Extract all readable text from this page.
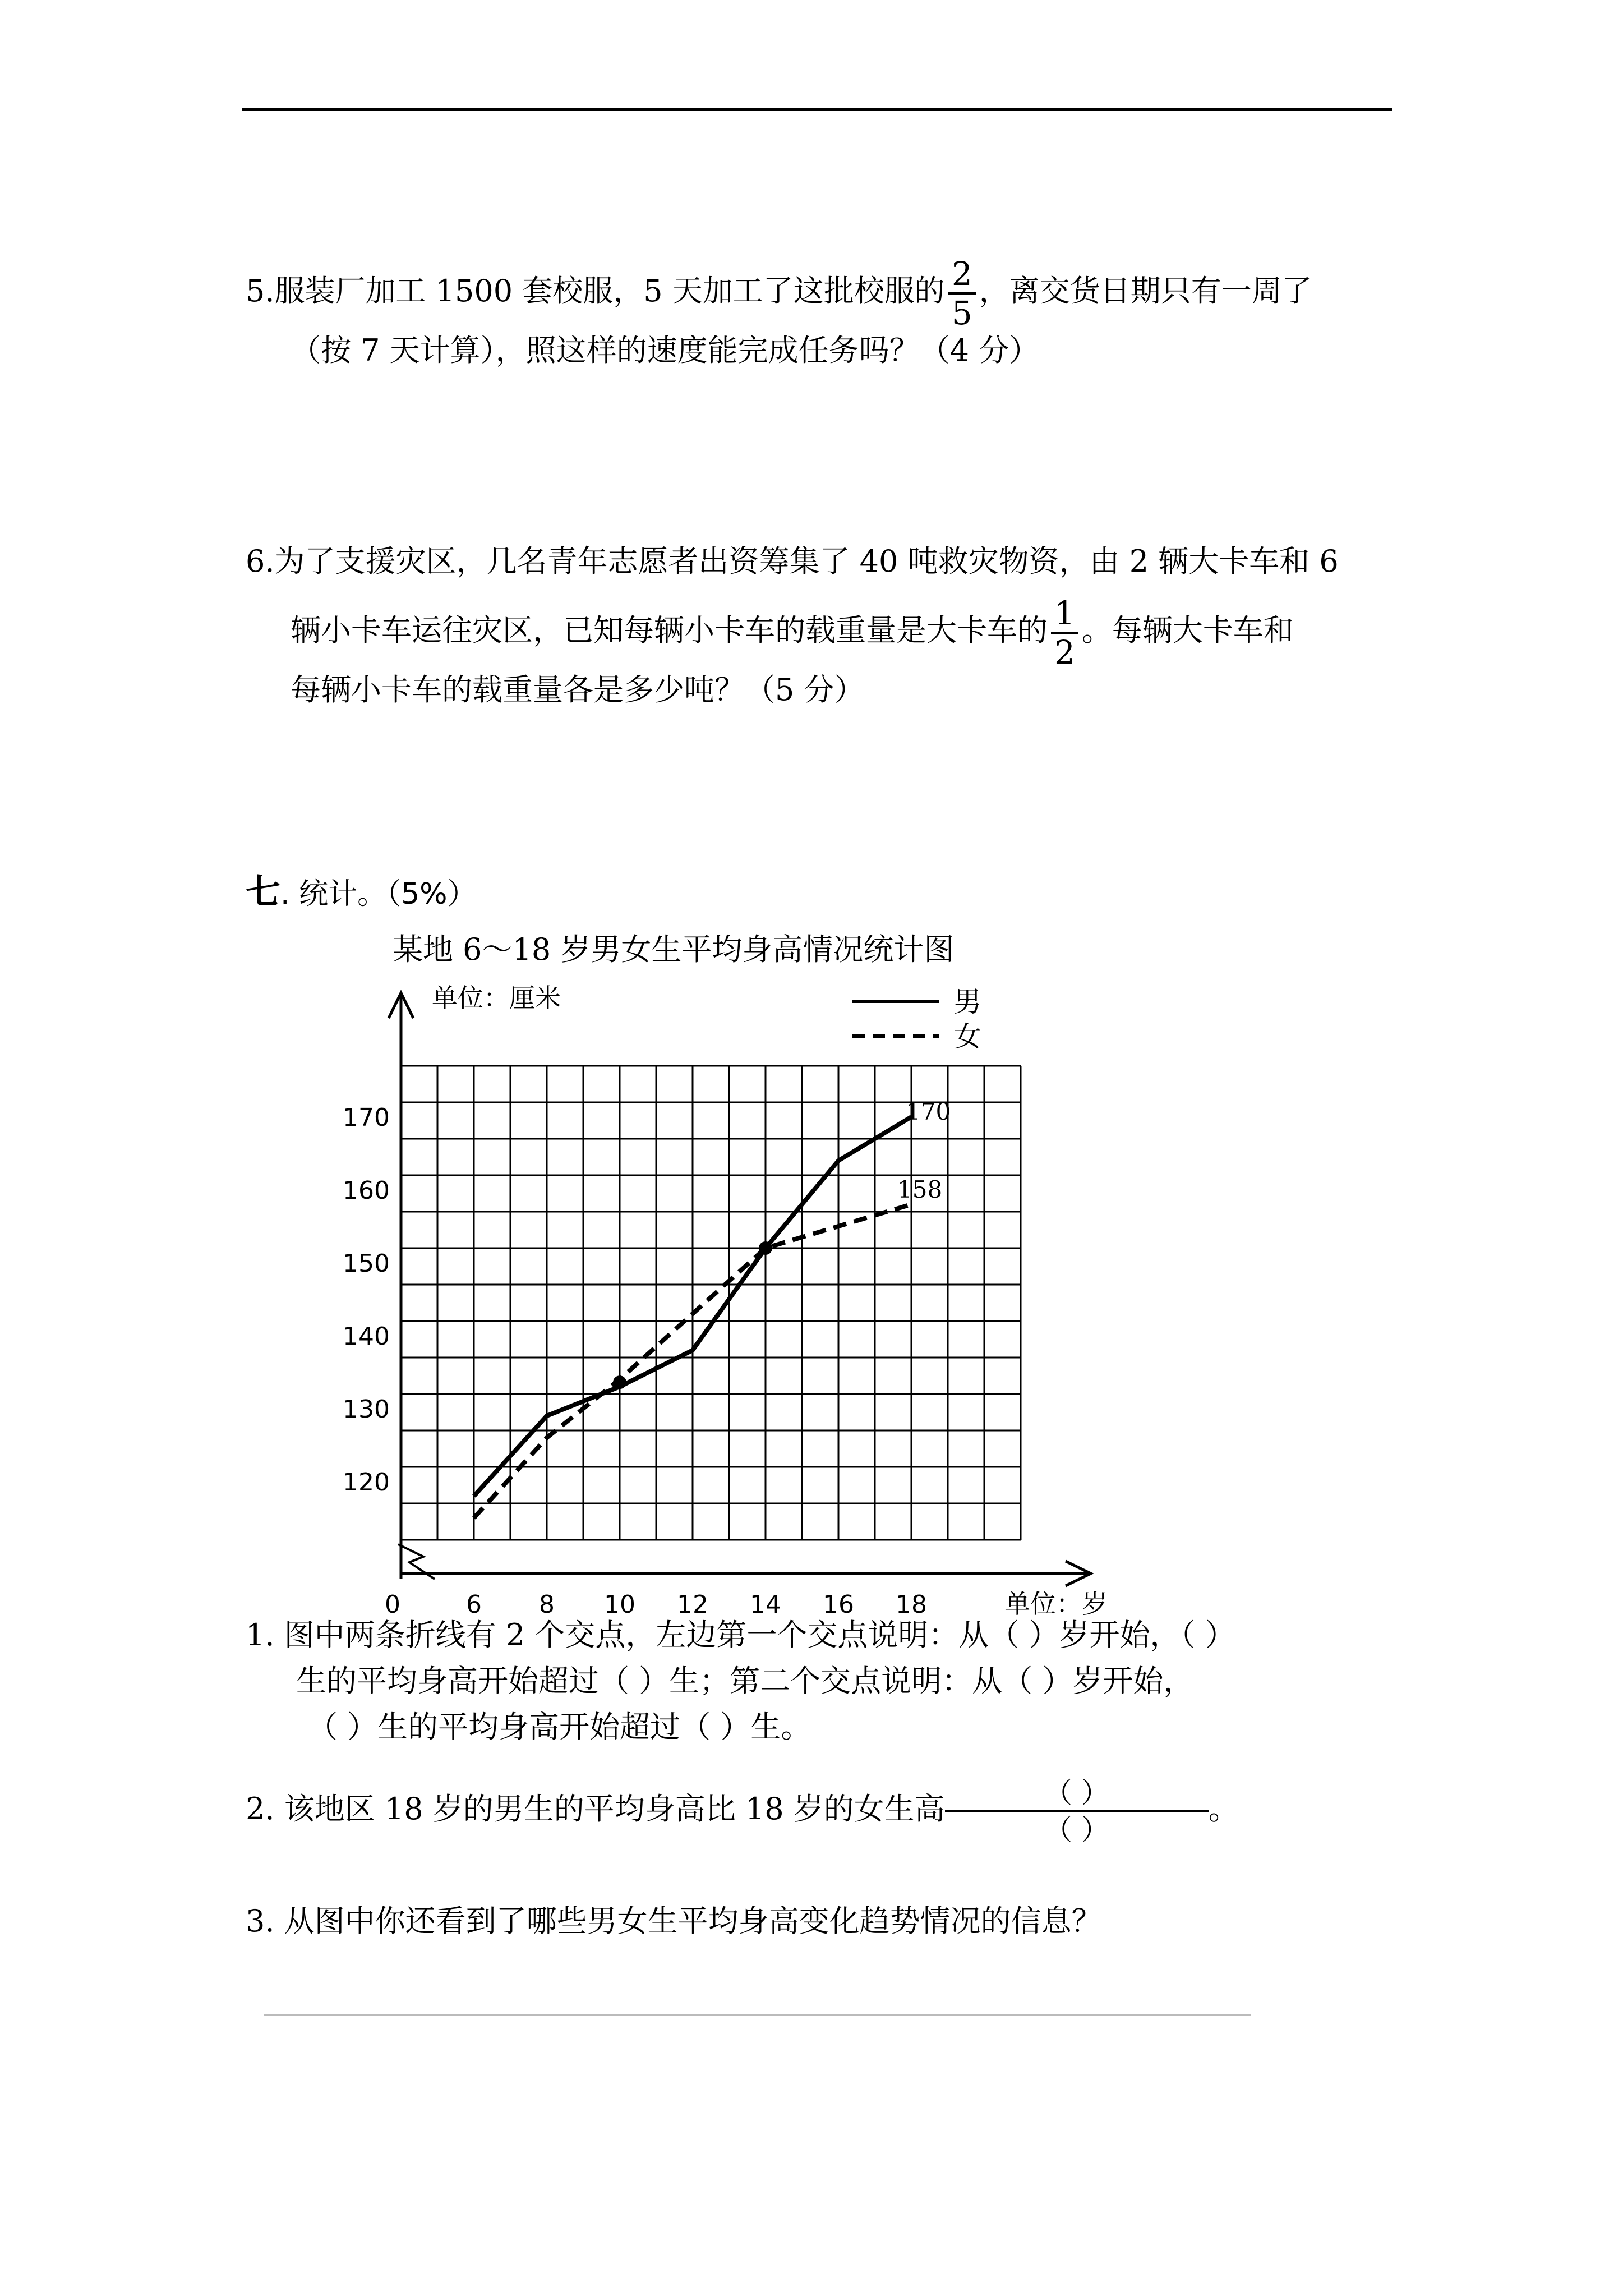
5.服装厂加工 1500 套校服，5 天加工了这批校服的 $\frac{2}{5}$ ，离交货日期只有一周了
（按 7 天计算），照这样的速度能完成任务吗？（4 分）
6.为了支援灾区，几名青年志愿者出资筹集了 40 吨救灾物资，由 2 辆大卡车和 6
辆小卡车运往灾区，已知每辆小卡车的载重量是大卡车的 $\frac{1}{2}$ 。每辆大卡车和
每辆小卡车的载重量各是多少吨？（5 分）
七. 统计。（5%）
某地 6～18 岁男女生平均身高情况统计图
120
130
140
150
160
170
0	6 8 10 12 14 16 18
单位：厘米
单位：岁
男
女
170
158
1. 图中两条折线有 2 个交点，左边第一个交点说明：从（ ）岁开始，（ ）
生的平均身高开始超过（ ）生；第二个交点说明：从（ ）岁开始，
（ ）生的平均身高开始超过（ ）生。
2. 该地区 18 岁的男生的平均身高比 18 岁的女生高 $\frac{( )}{( )}$ 。
3. 从图中你还看到了哪些男女生平均身高变化趋势情况的信息？
